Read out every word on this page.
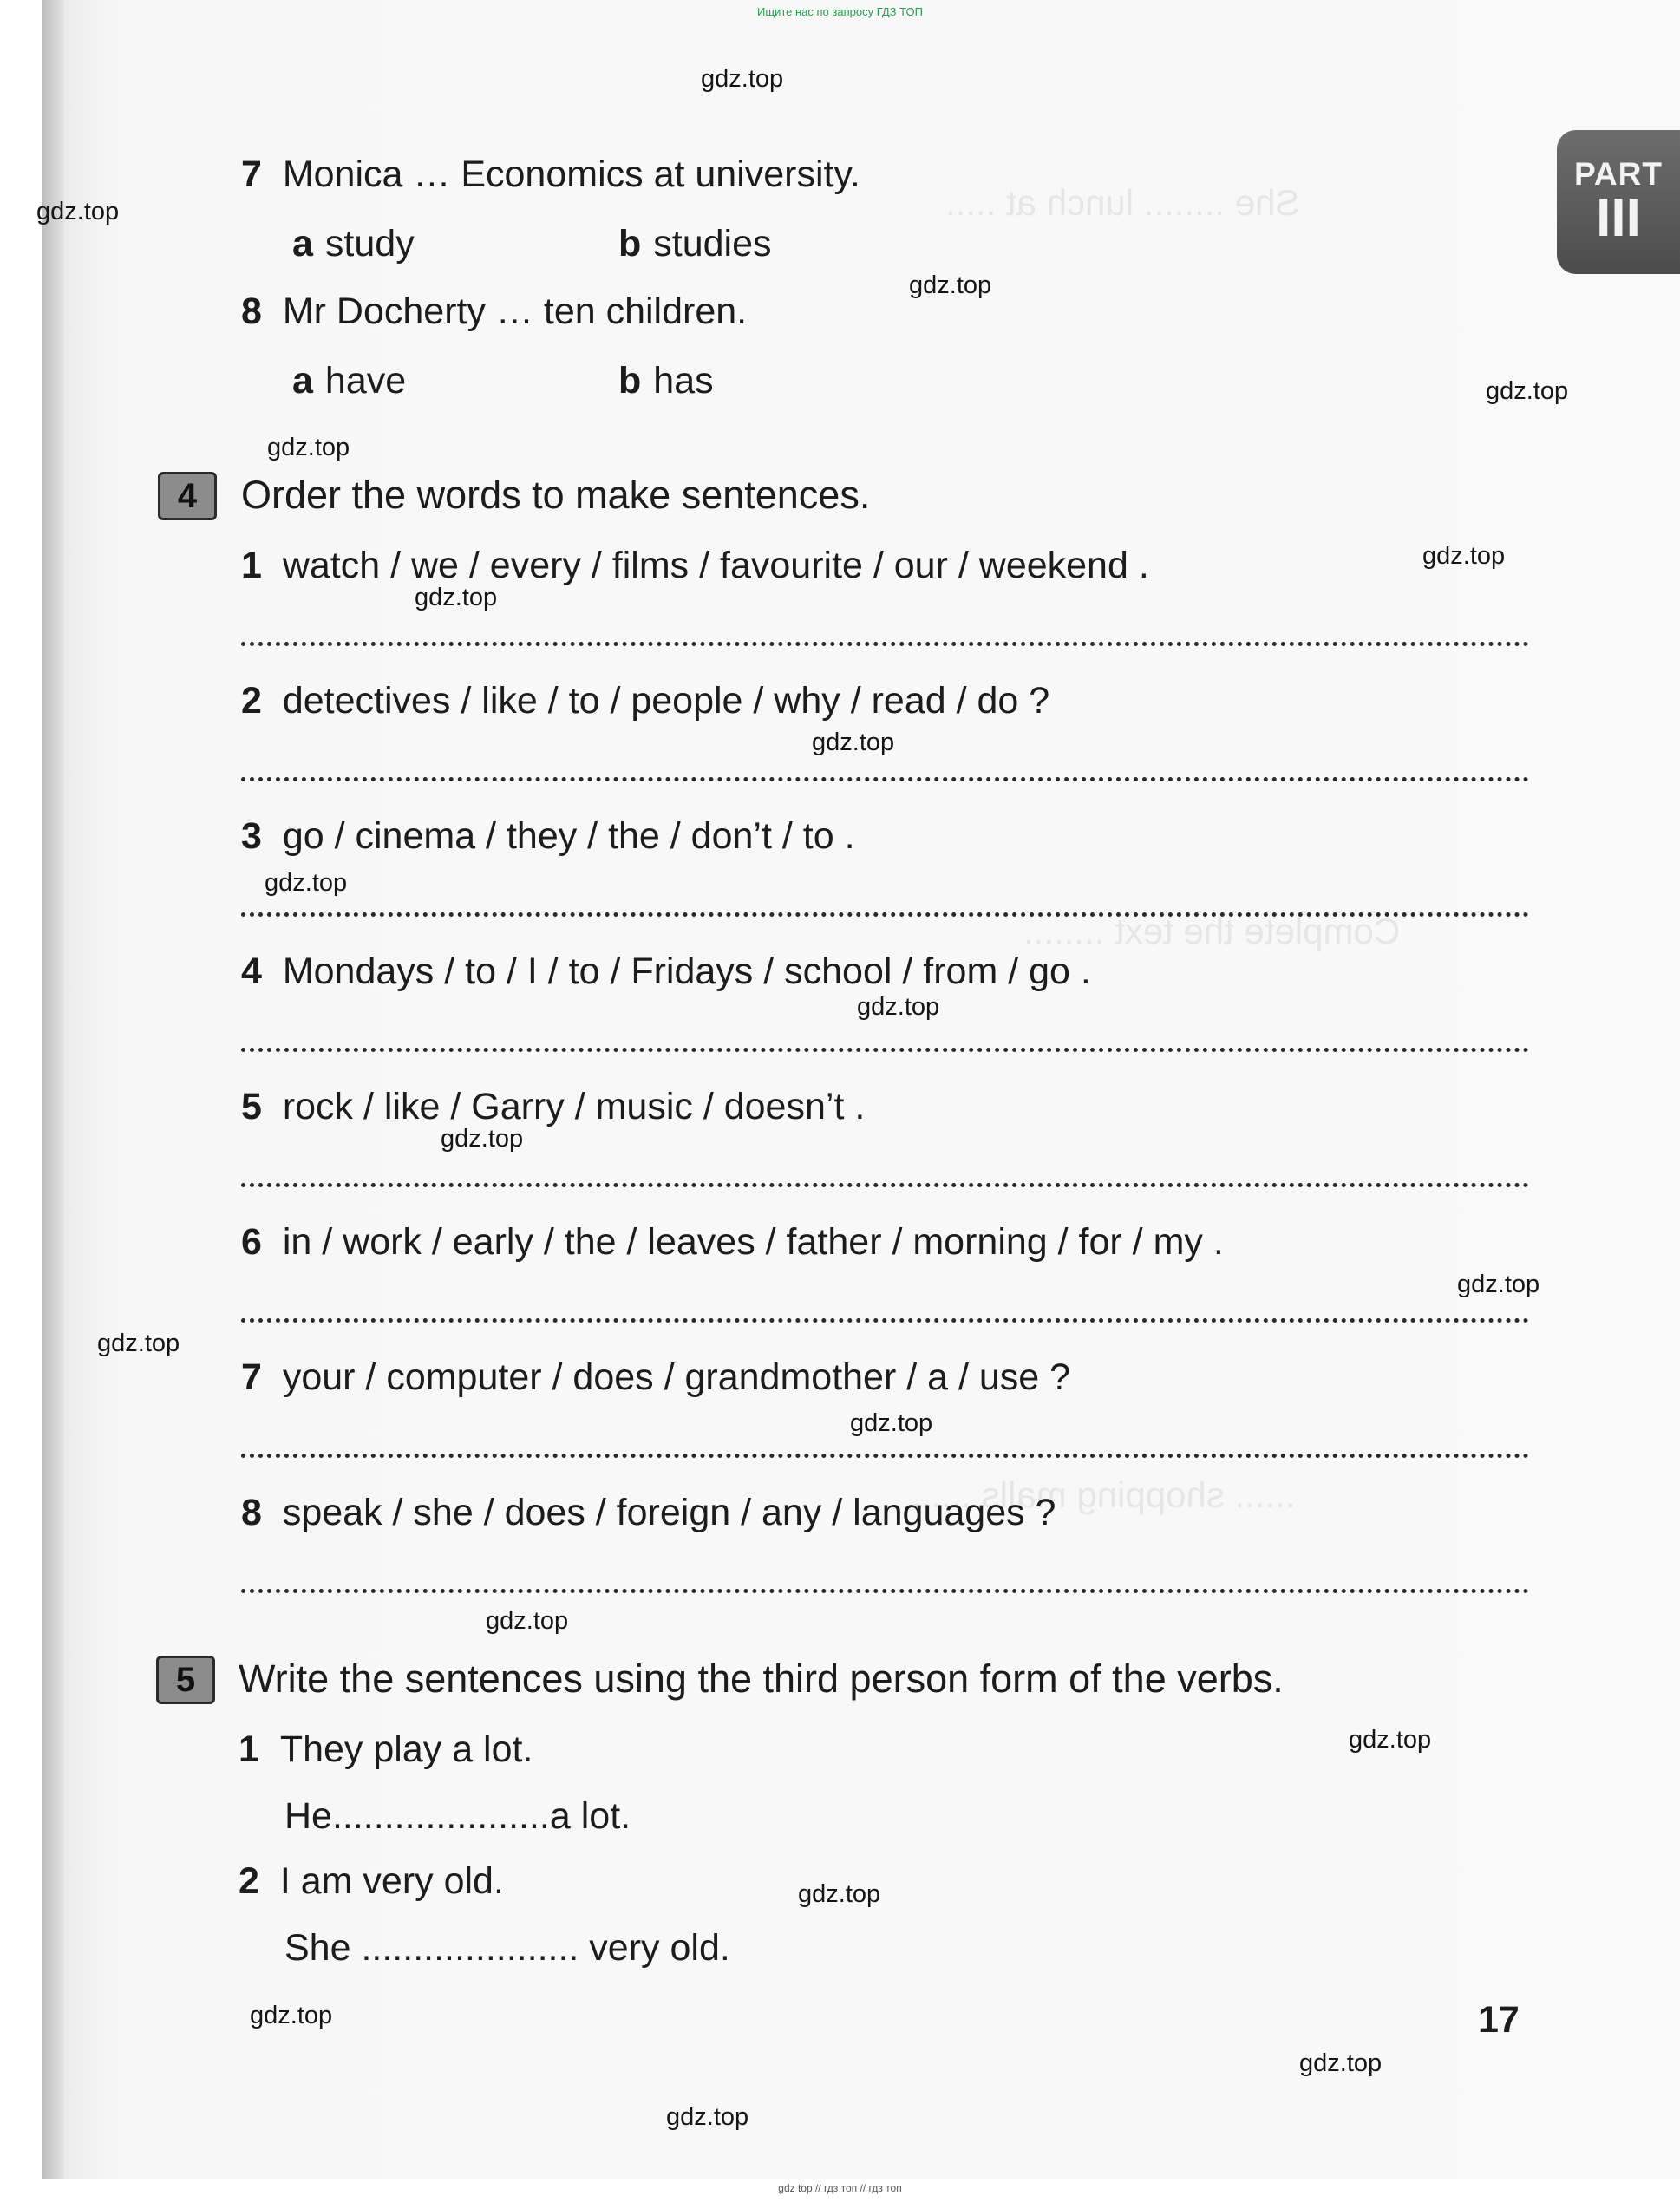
She ........ lunch at .....
Complete the text ........
...... shopping malls ......
Ищите нас по запросу ГДЗ ТОП
PART
III
7 Monica … Economics at university.
a study	b studies
8 Mr Docherty … ten children.
a have	b has
4	Order the words to make sentences.
1 watch / we / every / films / favourite / our / weekend .
2 detectives / like / to / people / why / read / do ?
3 go / cinema / they / the / don’t / to .
4 Mondays / to / I / to / Fridays / school / from / go .
5 rock / like / Garry / music / doesn’t .
6 in / work / early / the / leaves / father / morning / for / my .
7 your / computer / does / grandmother / a / use ?
8 speak / she / does / foreign / any / languages ?
5	Write the sentences using the third person form of the verbs.
1 They play a lot.
He.....................a lot.
2 I am very old.
She ..................... very old.
17
gdz.top
gdz.top
gdz.top
gdz.top
gdz.top
gdz.top
gdz.top
gdz.top
gdz.top
gdz.top
gdz.top
gdz.top
gdz.top
gdz.top
gdz.top
gdz.top
gdz.top
gdz.top
gdz.top
gdz.top
gdz top // гдз топ // гдз топ
